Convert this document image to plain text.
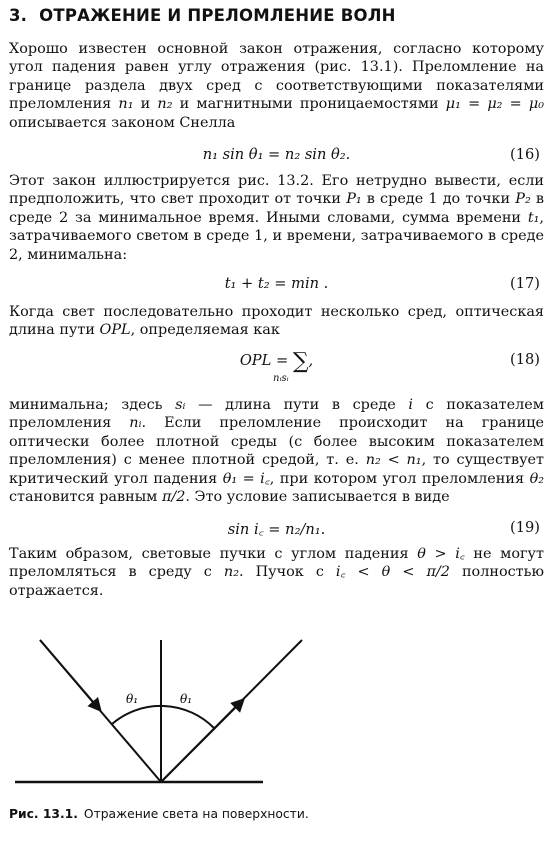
3. ОТРАЖЕНИЕ И ПРЕЛОМЛЕНИЕ ВОЛН
Хорошо известен основной закон отражения, согласно которому угол падения равен углу отражения (рис. 13.1). Преломление на границе раздела двух сред с соответствующими показателями преломления n₁ и n₂ и магнитными проницаемостями μ₁ = μ₂ = μ₀ описывается законом Снелла
n₁ sin θ₁ = n₂ sin θ₂.	(16)
Этот закон иллюстрируется рис. 13.2. Его нетрудно вывести, если предположить, что свет проходит от точки P₁ в среде 1 до точки P₂ в среде 2 за минимальное время. Иными словами, сумма времени t₁, затрачиваемого светом в среде 1, и времени, затрачиваемого в среде 2, минимальна:
t₁ + t₂ = min .	(17)
Когда свет последовательно проходит несколько сред, оптическая длина пути OPL, определяемая как
OPL = ∑,
nᵢsᵢ
(18)
минимальна; здесь sᵢ — длина пути в среде i с показателем преломления nᵢ. Если преломление происходит на границе оптически более плотной среды (с более высоким показателем преломления) с менее плотной средой, т. е. n₂ < n₁, то существует критический угол падения θ₁ = i꜀, при котором угол преломления θ₂ становится равным π/2. Это условие записывается в виде
sin i꜀ = n₂/n₁.	(19)
Таким образом, световые пучки с углом падения θ > i꜀ не могут преломляться в среду с n₂. Пучок с i꜀ < θ < π/2 полностью отражается.
θ₁	θ₁
Рис. 13.1. Отражение света на поверхности.
